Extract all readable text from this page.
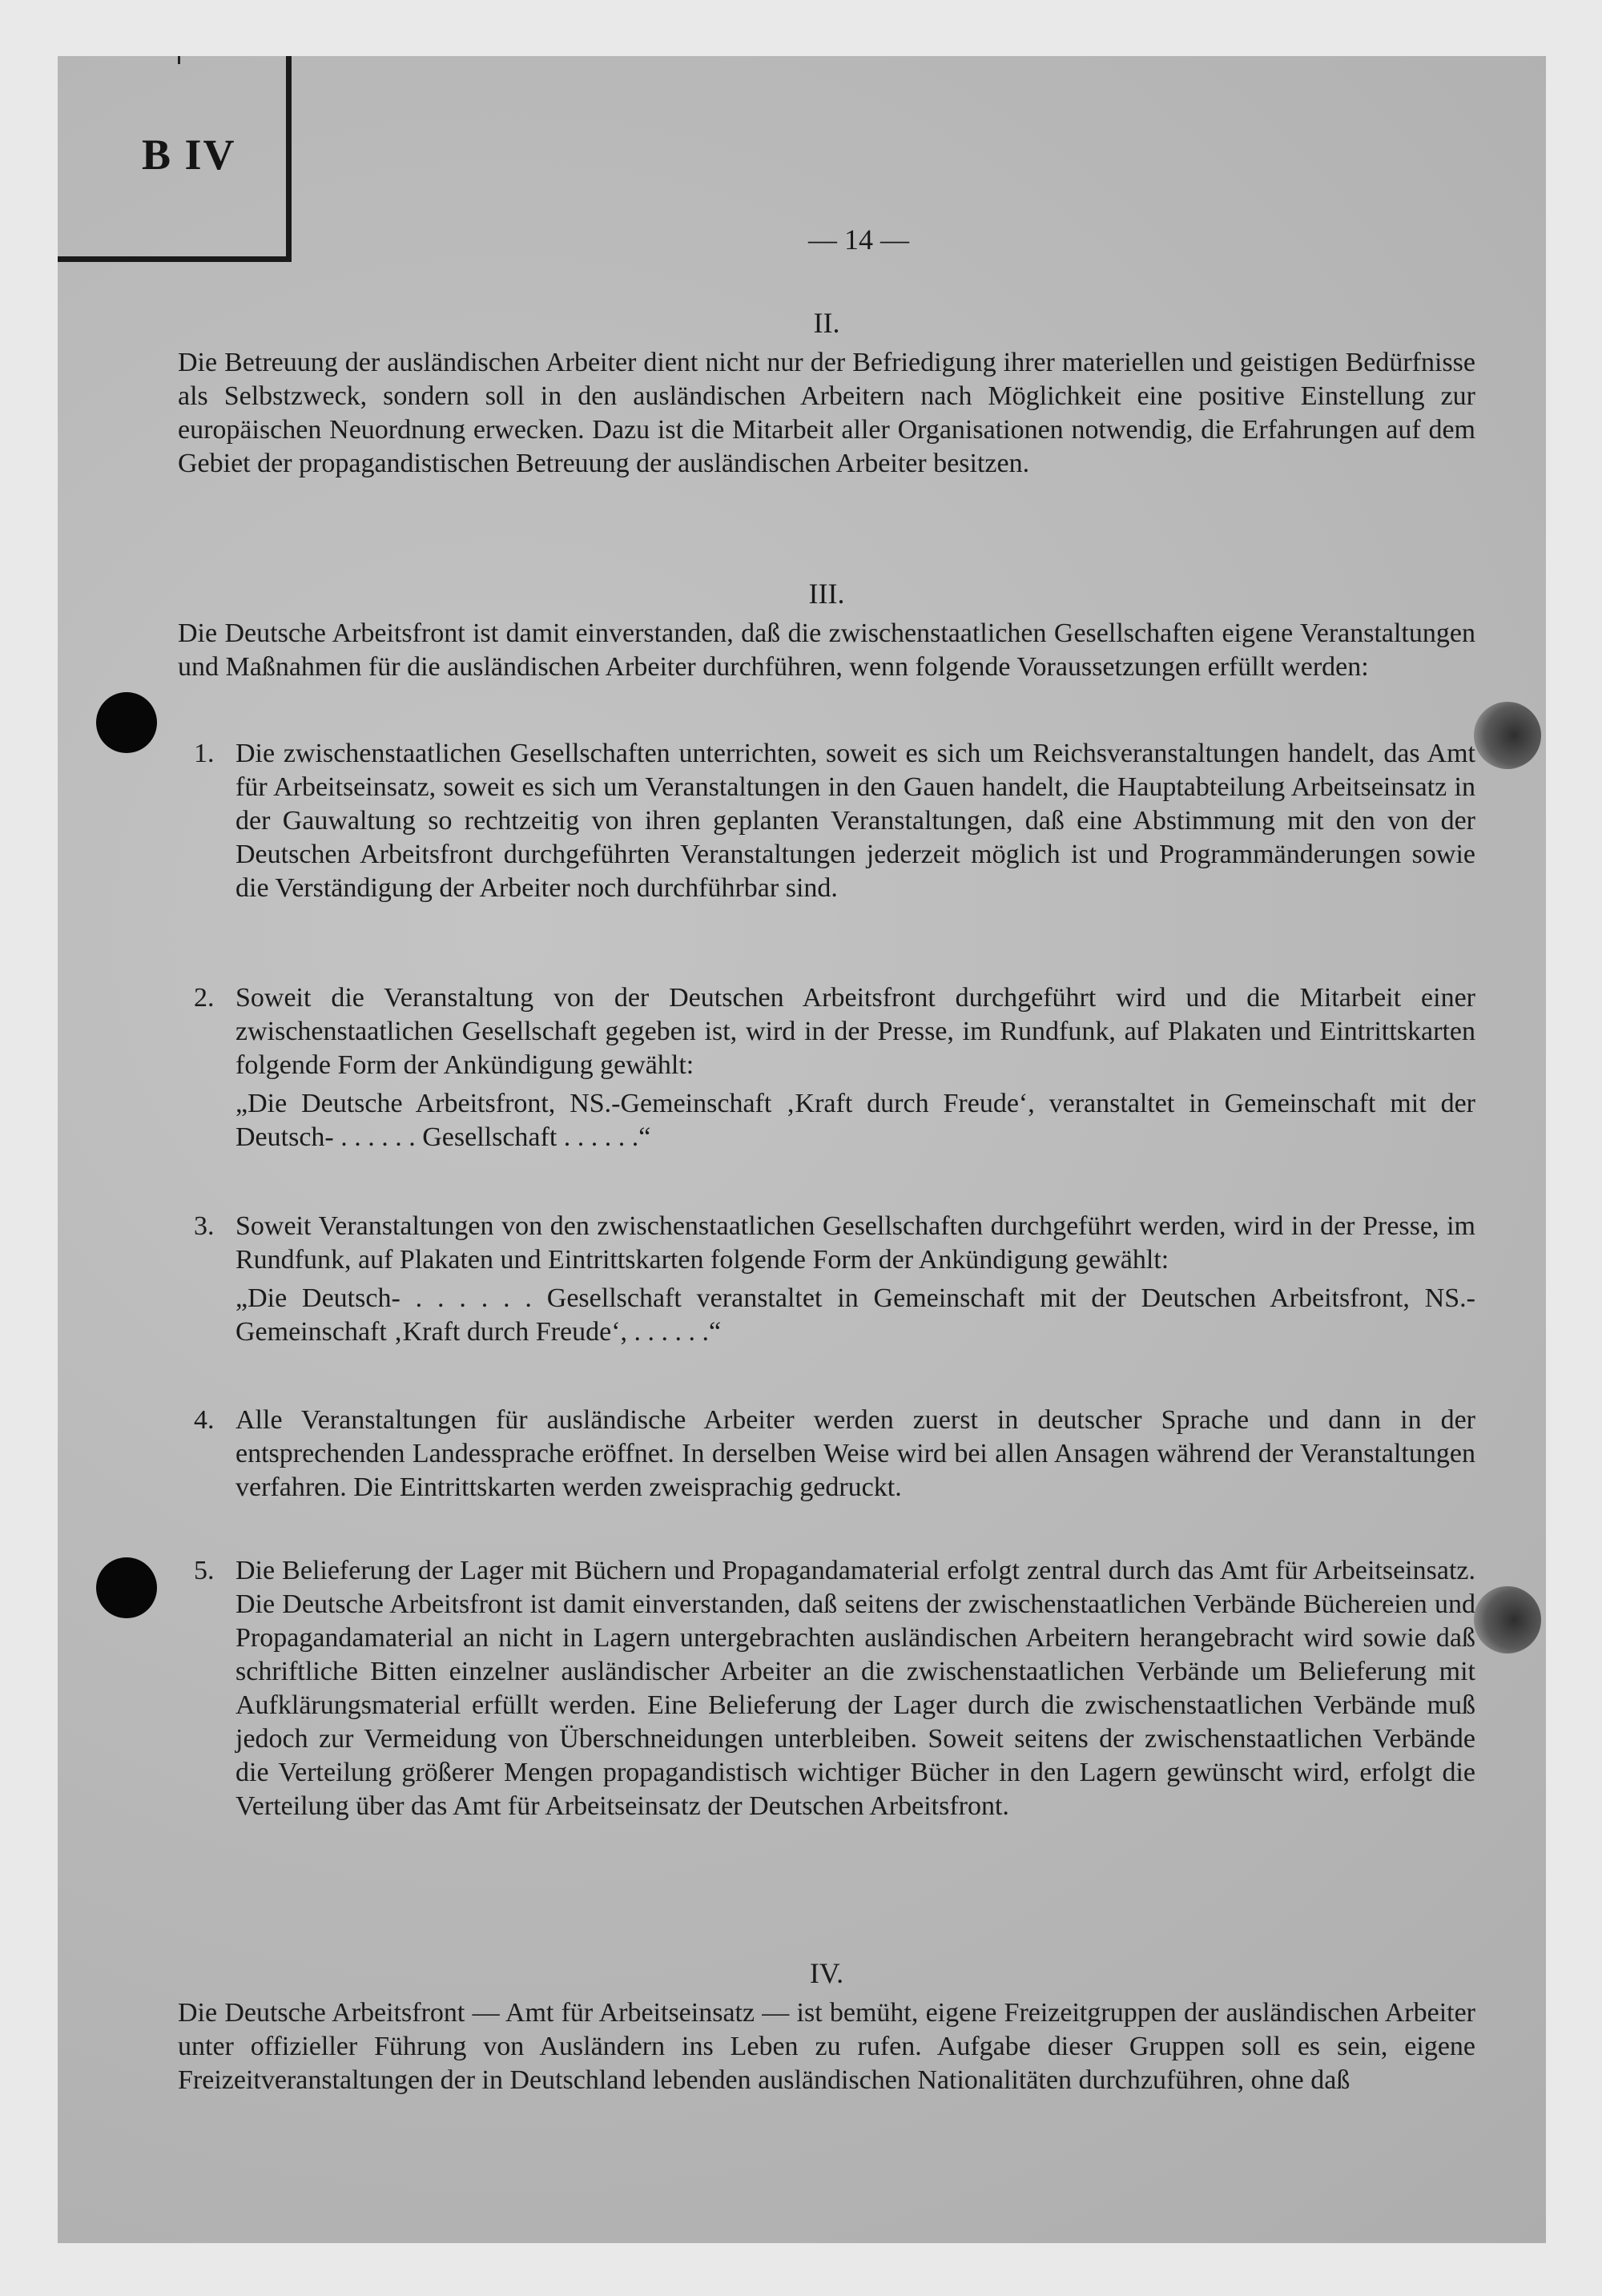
B IV
— 14 —
II.
Die Betreuung der ausländischen Arbeiter dient nicht nur der Befriedigung ihrer materiellen und geistigen Bedürfnisse als Selbstzweck, sondern soll in den ausländischen Arbeitern nach Möglichkeit eine positive Einstellung zur europäischen Neuordnung erwecken. Dazu ist die Mitarbeit aller Organisationen notwendig, die Erfahrungen auf dem Gebiet der propagandistischen Betreuung der ausländischen Arbeiter besitzen.
III.
Die Deutsche Arbeitsfront ist damit einverstanden, daß die zwischenstaatlichen Gesellschaften eigene Veranstaltungen und Maßnahmen für die ausländischen Arbeiter durchführen, wenn folgende Voraussetzungen erfüllt werden:
1. Die zwischenstaatlichen Gesellschaften unterrichten, soweit es sich um Reichsveranstaltungen handelt, das Amt für Arbeitseinsatz, soweit es sich um Veranstaltungen in den Gauen handelt, die Hauptabteilung Arbeitseinsatz in der Gauwaltung so rechtzeitig von ihren geplanten Veranstaltungen, daß eine Abstimmung mit den von der Deutschen Arbeitsfront durchgeführten Veranstaltungen jederzeit möglich ist und Programmänderungen sowie die Verständigung der Arbeiter noch durchführbar sind.
2. Soweit die Veranstaltung von der Deutschen Arbeitsfront durchgeführt wird und die Mitarbeit einer zwischenstaatlichen Gesellschaft gegeben ist, wird in der Presse, im Rundfunk, auf Plakaten und Eintrittskarten folgende Form der Ankündigung gewählt:
„Die Deutsche Arbeitsfront, NS.-Gemeinschaft ‚Kraft durch Freude‘, veranstaltet in Gemeinschaft mit der Deutsch- . . . . . . Gesellschaft . . . . . .“
3. Soweit Veranstaltungen von den zwischenstaatlichen Gesellschaften durchgeführt werden, wird in der Presse, im Rundfunk, auf Plakaten und Eintrittskarten folgende Form der Ankündigung gewählt:
„Die Deutsch- . . . . . . Gesellschaft veranstaltet in Gemeinschaft mit der Deutschen Arbeitsfront, NS.-Gemeinschaft ‚Kraft durch Freude‘, . . . . . .“
4. Alle Veranstaltungen für ausländische Arbeiter werden zuerst in deutscher Sprache und dann in der entsprechenden Landessprache eröffnet. In derselben Weise wird bei allen Ansagen während der Veranstaltungen verfahren. Die Eintrittskarten werden zweisprachig gedruckt.
5. Die Belieferung der Lager mit Büchern und Propagandamaterial erfolgt zentral durch das Amt für Arbeitseinsatz. Die Deutsche Arbeitsfront ist damit einverstanden, daß seitens der zwischenstaatlichen Verbände Büchereien und Propagandamaterial an nicht in Lagern untergebrachten ausländischen Arbeitern herangebracht wird sowie daß schriftliche Bitten einzelner ausländischer Arbeiter an die zwischenstaatlichen Verbände um Belieferung mit Aufklärungsmaterial erfüllt werden. Eine Belieferung der Lager durch die zwischenstaatlichen Verbände muß jedoch zur Vermeidung von Überschneidungen unterbleiben. Soweit seitens der zwischenstaatlichen Verbände die Verteilung größerer Mengen propagandistisch wichtiger Bücher in den Lagern gewünscht wird, erfolgt die Verteilung über das Amt für Arbeitseinsatz der Deutschen Arbeitsfront.
IV.
Die Deutsche Arbeitsfront — Amt für Arbeitseinsatz — ist bemüht, eigene Freizeitgruppen der ausländischen Arbeiter unter offizieller Führung von Ausländern ins Leben zu rufen. Aufgabe dieser Gruppen soll es sein, eigene Freizeitveranstaltungen der in Deutschland lebenden ausländischen Nationalitäten durchzuführen, ohne daß
